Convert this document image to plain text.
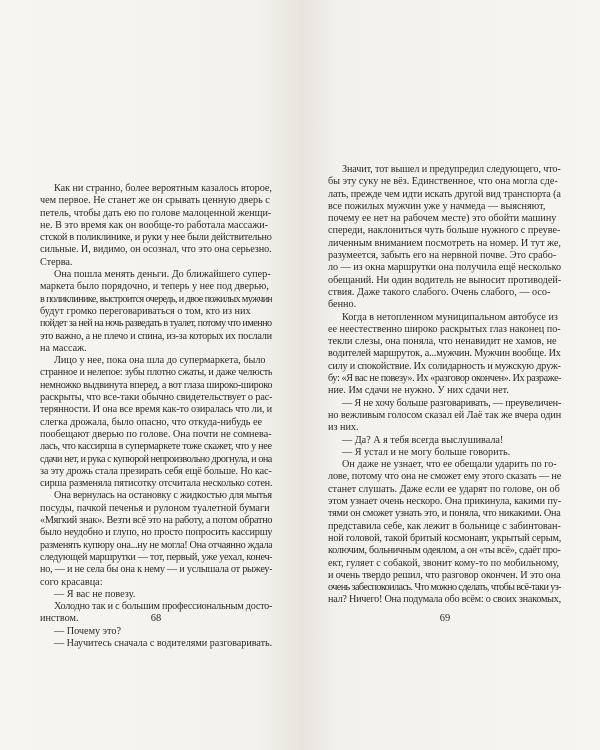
Как ни странно, более вероятным казалось второе,
чем первое. Не станет же он срывать ценную дверь с
петель, чтобы дать ею по голове малоценной женщи-
не. В это время как он вообще-то работала массажи-
стской в поликлинике, и руки у нее были действительно
сильные. И, видимо, он осознал, что это она серьезно.
Стерва.
Она пошла менять деньги. До ближайшего супер-
маркета было порядочно, и теперь у нее под дверью,
в поликлинике, выстроится очередь, и двое пожилых мужчин
будут громко переговариваться о том, кто из них
пойдет за ней на ночь разведать в туалет, потому что именно
это важно, а не плечо и спина, из-за которых их послали
на массаж.
Лицо у нее, пока она шла до супермаркета, было
странное и нелепое: зубы плотно сжаты, и даже челюсть
немножко выдвинута вперед, а вот глаза широко-широко
раскрыты, что все-таки обычно свидетельствует о рас-
терянности. И она все время как-то озиралась что ли, и
слегка дрожала, было опасно, что откуда-нибудь ее
пообещают дверью по голове. Она почти не сомнева-
лась, что кассирша в супермаркете тоже скажет, что у нее
сдачи нет, и рука с купюрой непроизвольно дрогнула, и она
за эту дрожь стала презирать себя ещё больше. Но кас-
сирша разменяла пятисотку отсчитала несколько сотен.
Она вернулась на остановку с жидкостью для мытья
посуды, пачкой печенья и рулоном туалетной бумаги
«Мягкий знак». Везти всё это на работу, а потом обратно
было неудобно и глупо, но просто попросить кассиршу
разменять купюру она...ну не могла! Она отчаянно ждала
следующей маршрутки — тот, первый, уже уехал, конеч-
но, — и не села бы она к нему — и услышала от рыжеу-
сого красавца:
— Я вас не повезу.
Холодно так и с большим профессиональным досто-
инством.
— Почему это?
— Научитесь сначала с водителями разговаривать.
68
Значит, тот вышел и предупредил следующего, что-
бы эту суку не вёз. Единственное, что она могла сде-
лать, прежде чем идти искать другой вид транспорта (а
все пожилых мужчин уже у начмеда — выясняют,
почему ее нет на рабочем месте) это обойти машину
спереди, наклониться чуть больше нужного с преуве-
личенным вниманием посмотреть на номер. И тут же,
разумеется, забыть его на нервной почве. Это срабо-
ло — из окна маршрутки она получила ещё несколько
обещаний. Ни один водитель не выносит противодей-
ствия. Даже такого слабого. Очень слабого, — осо-
бенно.
Когда в нетопленном муниципальном автобусе из
ее неестественно широко раскрытых глаз наконец по-
текли слезы, она поняла, что ненавидит не хамов, не
водителей маршруток, а...мужчин. Мужчин вообще. Их
силу и спокойствие. Их солидарность и мужскую друж-
бу: «Я вас не повезу». Их «разговор окончен». Их разраже-
ние. Им сдачи не нужно. У них сдачи нет.
— Я не хочу больше разговаривать, — преувеличен-
но вежливым голосом сказал ей Лаё так же вчера один
из них.
— Да? А я тебя всегда выслушивала!
— Я устал и не могу больше говорить.
Он даже не узнает, что ее обещали ударить по го-
лове, потому что она не сможет ему этого сказать — не
станет слушать. Даже если ее ударят по голове, он об
этом узнает очень нескоро. Она прикинула, какими пу-
тями он сможет узнать это, и поняла, что никакими. Она
представила себе, как лежит в больнице с забинтован-
ной головой, такой бритый космонавт, укрытый серым,
колючим, больничным одеялом, а он «ты всё», сдаёт про-
ект, гуляет с собакой, звонит кому-то по мобильному,
и очень твердо решил, что разговор окончен. И это она
очень забеспокоилась. Что можно сделать, чтобы всё-таки уз-
нал? Ничего! Она подумала обо всём: о своих знакомых,
69
